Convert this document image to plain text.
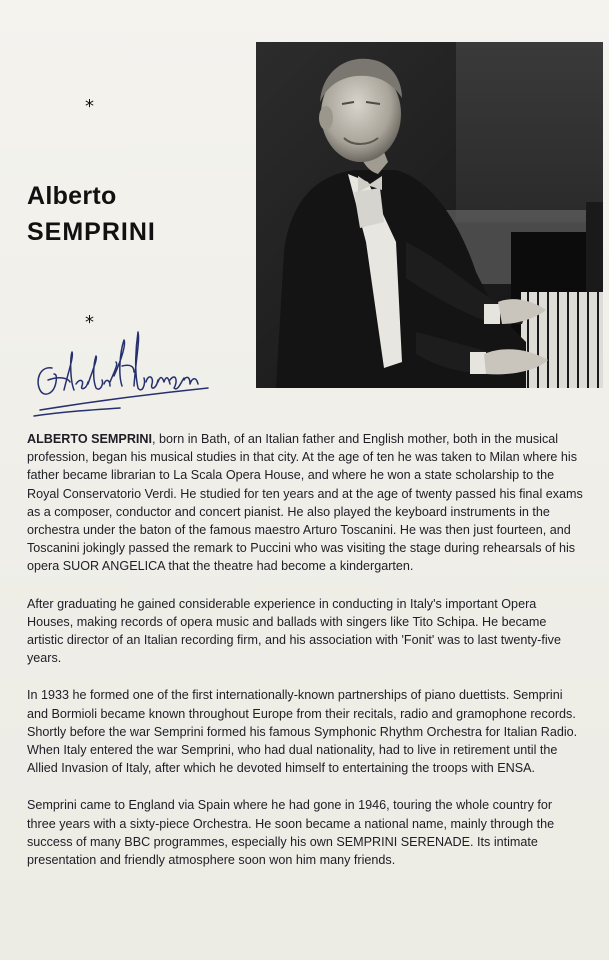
*
Alberto
SEMPRINI
*

ALBERTO SEMPRINI, born in Bath, of an Italian father and English mother, both in the musical profession, began his musical studies in that city. At the age of ten he was taken to Milan where his father became librarian to La Scala Opera House, and where he won a state scholarship to the Royal Conservatorio Verdi. He studied for ten years and at the age of twenty passed his final exams as a composer, conductor and concert pianist. He also played the keyboard instruments in the orchestra under the baton of the famous maestro Arturo Toscanini. He was then just fourteen, and Toscanini jokingly passed the remark to Puccini who was visiting the stage during rehearsals of his opera SUOR ANGELICA that the theatre had become a kindergarten.

After graduating he gained considerable experience in conducting in Italy's important Opera Houses, making records of opera music and ballads with singers like Tito Schipa. He became artistic director of an Italian recording firm, and his association with 'Fonit' was to last twenty-five years.

In 1933 he formed one of the first internationally-known partnerships of piano duettists. Semprini and Bormioli became known throughout Europe from their recitals, radio and gramophone records. Shortly before the war Semprini formed his famous Symphonic Rhythm Orchestra for Italian Radio. When Italy entered the war Semprini, who had dual nationality, had to live in retirement until the Allied Invasion of Italy, after which he devoted himself to entertaining the troops with ENSA.

Semprini came to England via Spain where he had gone in 1946, touring the whole country for three years with a sixty-piece Orchestra. He soon became a national name, mainly through the success of many BBC programmes, especially his own SEMPRINI SERENADE. Its intimate presentation and friendly atmosphere soon won him many friends.
